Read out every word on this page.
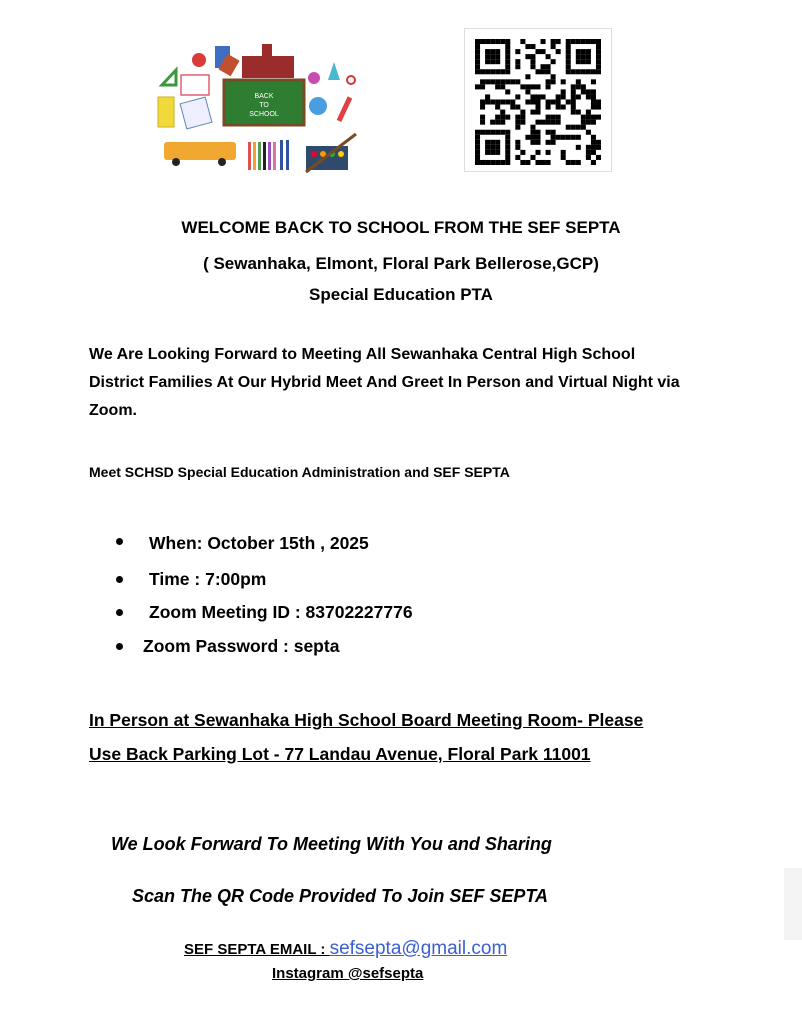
BACK
TO
SCHOOL
WELCOME BACK TO SCHOOL FROM THE SEF SEPTA
( Sewanhaka, Elmont, Floral Park Bellerose,GCP)
Special Education PTA
We Are Looking Forward to Meeting All Sewanhaka Central High School District Families At Our Hybrid Meet And Greet In Person and Virtual Night via Zoom.
Meet SCHSD Special Education Administration and SEF SEPTA
When: October 15th , 2025
Time : 7:00pm
Zoom Meeting ID : 83702227776
Zoom Password : septa
In Person at Sewanhaka High School Board Meeting Room- Please Use Back Parking Lot - 77 Landau Avenue, Floral Park 11001
We Look Forward To Meeting With You and Sharing
Scan The QR Code Provided To Join SEF SEPTA
SEF SEPTA EMAIL : sefsepta@gmail.com
Instagram @sefsepta
